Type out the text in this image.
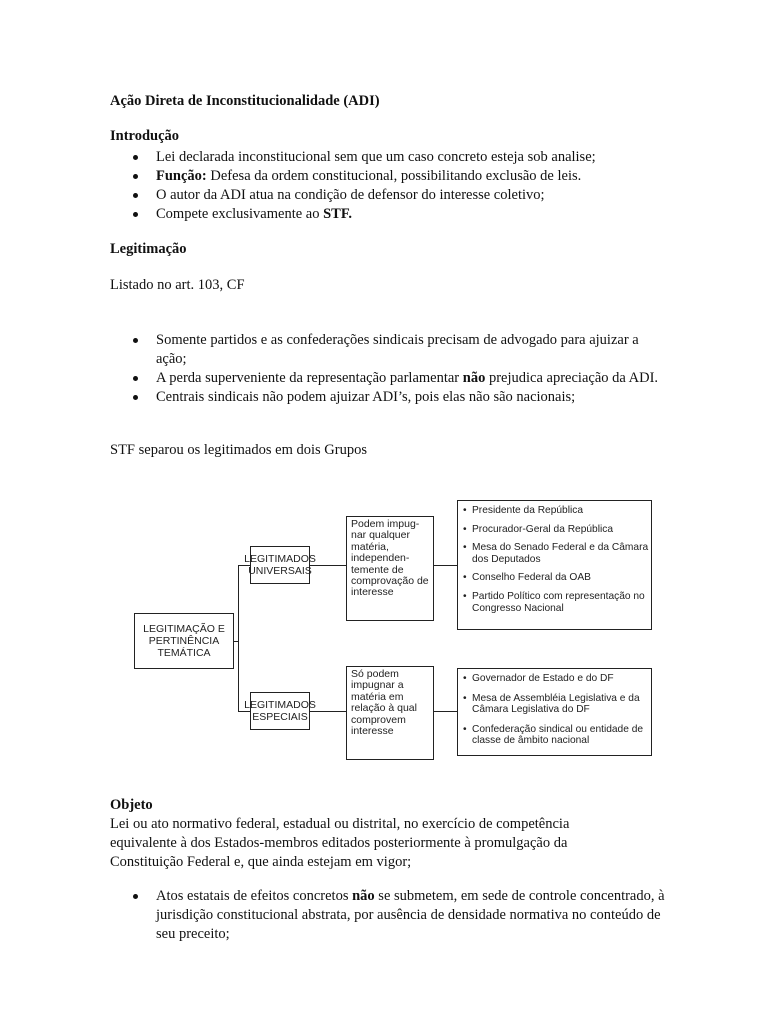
Ação Direta de Inconstitucionalidade (ADI)
Introdução
Lei declarada inconstitucional sem que um caso concreto esteja sob analise;
Função: Defesa da ordem constitucional, possibilitando exclusão de leis.
O autor da ADI atua na condição de defensor do interesse coletivo;
Compete exclusivamente ao STF.
Legitimação
Listado no art. 103, CF
Somente partidos e as confederações sindicais precisam de advogado para ajuizar a ação;
A perda superveniente da representação parlamentar não prejudica apreciação da ADI.
Centrais sindicais não podem ajuizar ADI’s, pois elas não são nacionais;
STF separou os legitimados em dois Grupos
LEGITIMAÇÃO E PERTINÊNCIA TEMÁTICA
LEGITIMADOS UNIVERSAIS
Podem impug- nar qualquer matéria, independen- temente de comprovação de interesse
• Presidente da República
• Procurador-Geral da República
• Mesa do Senado Federal e da Câmara dos Deputados
• Conselho Federal da OAB
• Partido Político com representação no Congresso Nacional
LEGITIMADOS ESPECIAIS
Só podem impugnar a matéria em relação à qual comprovem interesse
• Governador de Estado e do DF
• Mesa de Assembléia Legislativa e da Câmara Legislativa do DF
• Confederação sindical ou entidade de classe de âmbito nacional
Objeto
Lei ou ato normativo federal, estadual ou distrital, no exercício de competência equivalente à dos Estados-membros editados posteriormente à promulgação da Constituição Federal e, que ainda estejam em vigor;
Atos estatais de efeitos concretos não se submetem, em sede de controle concentrado, à jurisdição constitucional abstrata, por ausência de densidade normativa no conteúdo de seu preceito;
